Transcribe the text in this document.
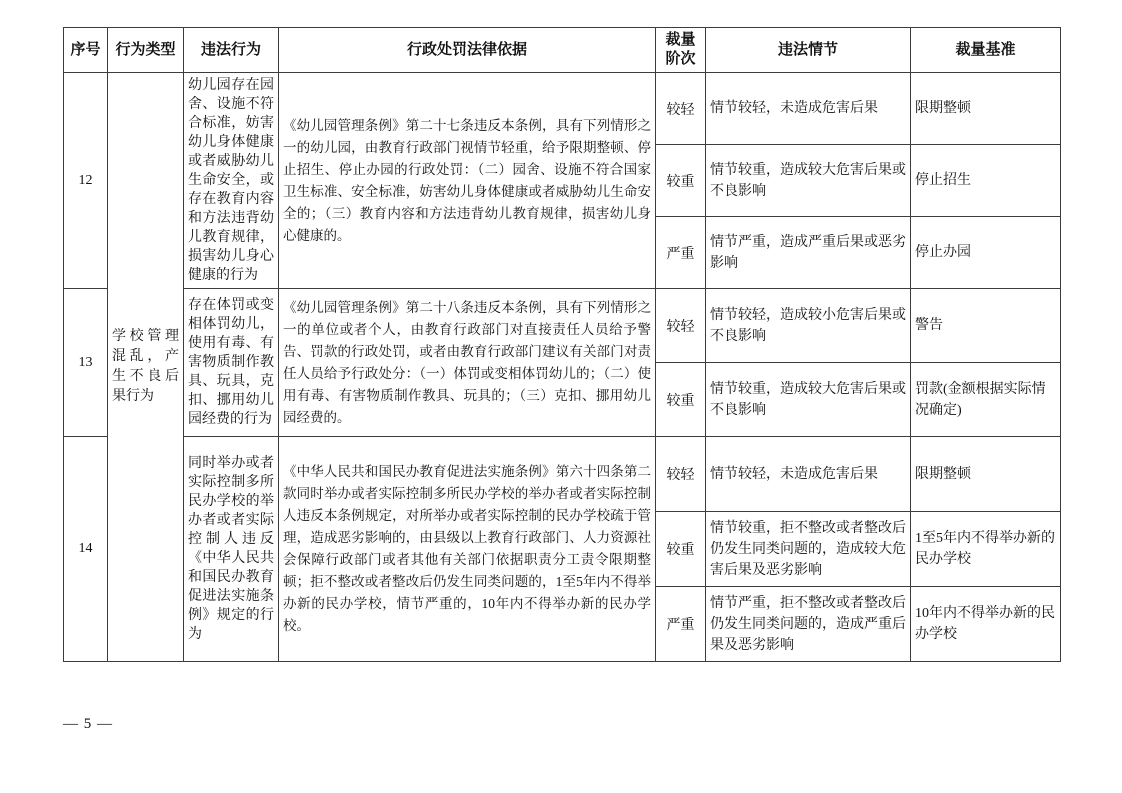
序号	行为类型	违法行为	行政处罚法律依据	裁量阶次	违法情节	裁量基准
12	学校管理混乱，产生不良后果行为	幼儿园存在园舍、设施不符合标准，妨害幼儿身体健康或者威胁幼儿生命安全，或存在教育内容和方法违背幼儿教育规律，损害幼儿身心健康的行为	《幼儿园管理条例》第二十七条违反本条例，具有下列情形之一的幼儿园，由教育行政部门视情节轻重，给予限期整顿、停止招生、停止办园的行政处罚：（二）园舍、设施不符合国家卫生标准、安全标准，妨害幼儿身体健康或者威胁幼儿生命安全的；（三）教育内容和方法违背幼儿教育规律，损害幼儿身心健康的。	较轻	情节较轻，未造成危害后果	限期整顿
				较重	情节较重，造成较大危害后果或不良影响	停止招生
				严重	情节严重，造成严重后果或恶劣影响	停止办园
13		存在体罚或变相体罚幼儿，使用有毒、有害物质制作教具、玩具，克扣、挪用幼儿园经费的行为	《幼儿园管理条例》第二十八条违反本条例，具有下列情形之一的单位或者个人，由教育行政部门对直接责任人员给予警告、罚款的行政处罚，或者由教育行政部门建议有关部门对责任人员给予行政处分：（一）体罚或变相体罚幼儿的；（二）使用有毒、有害物质制作教具、玩具的；（三）克扣、挪用幼儿园经费的。	较轻	情节较轻，造成较小危害后果或不良影响	警告
				较重	情节较重，造成较大危害后果或不良影响	罚款(金额根据实际情况确定)
14		同时举办或者实际控制多所民办学校的举办者或者实际控制人违反《中华人民共和国民办教育促进法实施条例》规定的行为	《中华人民共和国民办教育促进法实施条例》第六十四条第二款同时举办或者实际控制多所民办学校的举办者或者实际控制人违反本条例规定，对所举办或者实际控制的民办学校疏于管理，造成恶劣影响的，由县级以上教育行政部门、人力资源社会保障行政部门或者其他有关部门依据职责分工责令限期整顿；拒不整改或者整改后仍发生同类问题的，1至5年内不得举办新的民办学校，情节严重的，10年内不得举办新的民办学校。	较轻	情节较轻，未造成危害后果	限期整顿
				较重	情节较重，拒不整改或者整改后仍发生同类问题的，造成较大危害后果及恶劣影响	1至5年内不得举办新的民办学校
				严重	情节严重，拒不整改或者整改后仍发生同类问题的，造成严重后果及恶劣影响	10年内不得举办新的民办学校
— 5 —
